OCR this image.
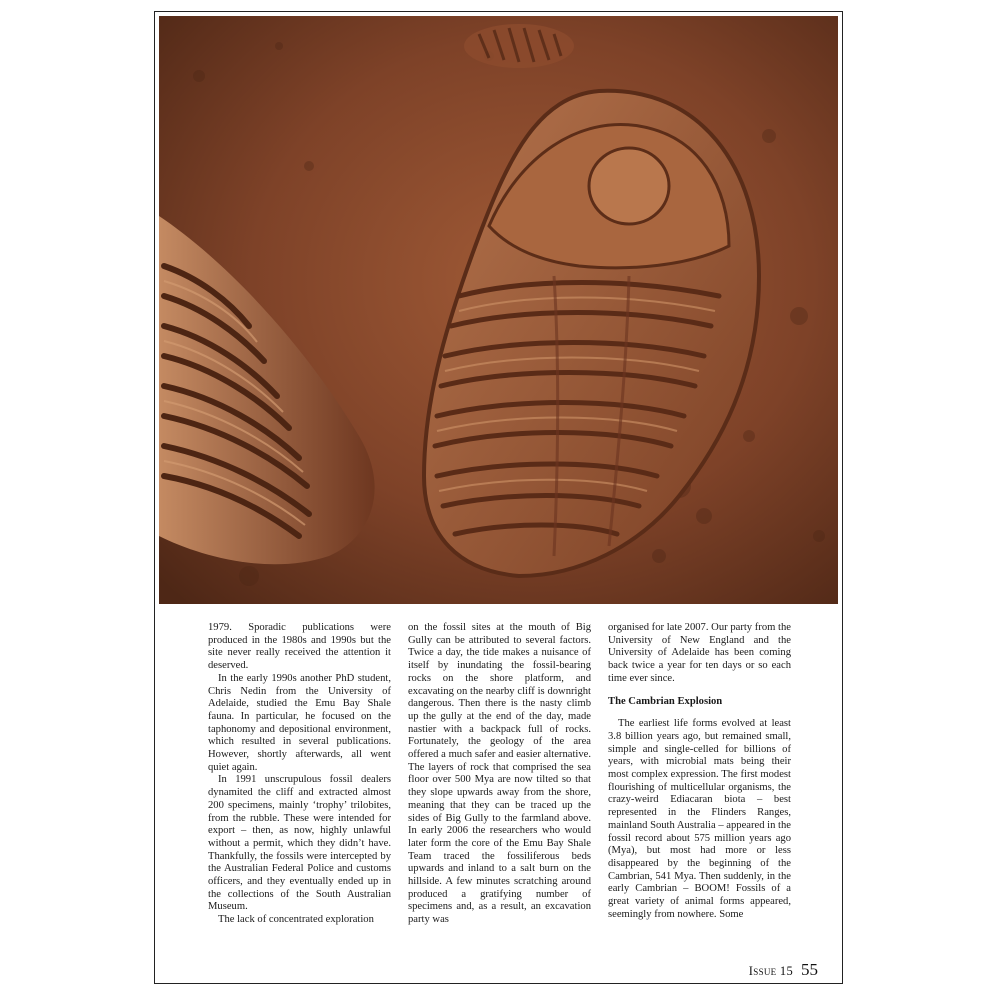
1979. Sporadic publications were produced in the 1980s and 1990s but the site never really received the attention it deserved.

In the early 1990s another PhD student, Chris Nedin from the University of Adelaide, studied the Emu Bay Shale fauna. In particular, he focused on the taphonomy and depositional environment, which resulted in several publications. However, shortly afterwards, all went quiet again.

In 1991 unscrupulous fossil dealers dynamited the cliff and extracted almost 200 specimens, mainly ‘trophy’ trilobites, from the rubble. These were intended for export – then, as now, highly unlawful without a permit, which they didn’t have. Thankfully, the fossils were intercepted by the Australian Federal Police and customs officers, and they eventually ended up in the collections of the South Australian Museum.

The lack of concentrated exploration

on the fossil sites at the mouth of Big Gully can be attributed to several factors. Twice a day, the tide makes a nuisance of itself by inundating the fossil-bearing rocks on the shore platform, and excavating on the nearby cliff is downright dangerous. Then there is the nasty climb up the gully at the end of the day, made nastier with a backpack full of rocks. Fortunately, the geology of the area offered a much safer and easier alternative. The layers of rock that comprised the sea floor over 500 Mya are now tilted so that they slope upwards away from the shore, meaning that they can be traced up the sides of Big Gully to the farmland above. In early 2006 the researchers who would later form the core of the Emu Bay Shale Team traced the fossiliferous beds upwards and inland to a salt burn on the hillside. A few minutes scratching around produced a gratifying number of specimens and, as a result, an excavation party was

organised for late 2007. Our party from the University of New England and the University of Adelaide has been coming back twice a year for ten days or so each time ever since.

The Cambrian Explosion

The earliest life forms evolved at least 3.8 billion years ago, but remained small, simple and single-celled for billions of years, with microbial mats being their most complex expression. The first modest flourishing of multicellular organisms, the crazy-weird Ediacaran biota – best represented in the Flinders Ranges, mainland South Australia – appeared in the fossil record about 575 million years ago (Mya), but most had more or less disappeared by the beginning of the Cambrian, 541 Mya. Then suddenly, in the early Cambrian – BOOM! Fossils of a great variety of animal forms appeared, seemingly from nowhere. Some

Issue 15 55
